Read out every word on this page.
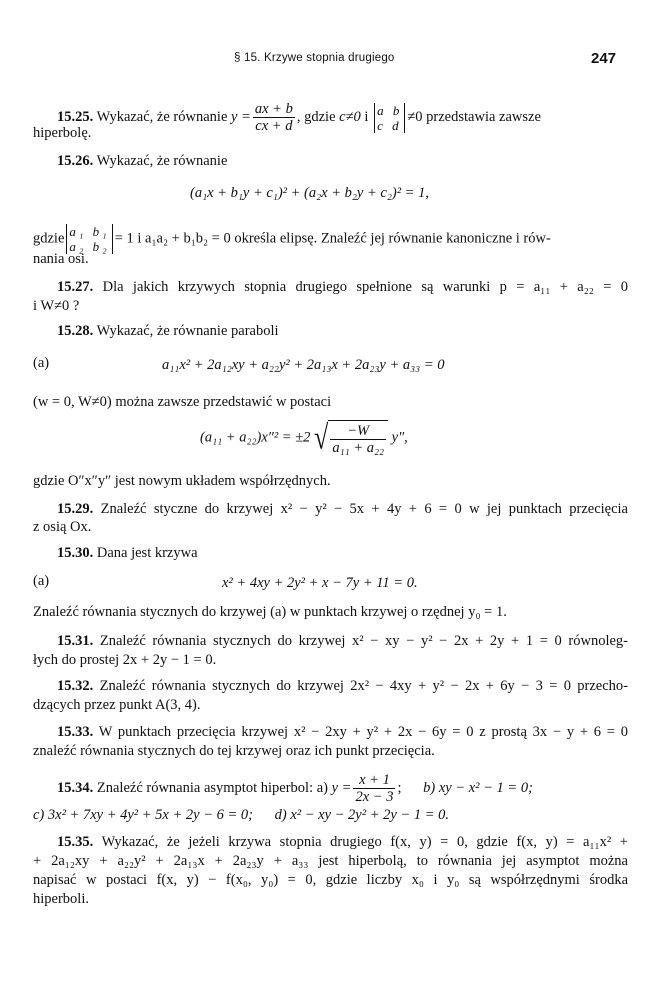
§ 15. Krzywe stopnia drugiego	247
15.25. Wykazać, że równanie $y = \frac{ax + b}{cx + d}$ , gdzie c≠0 i a b
c d
≠0 przedstawia zawsze
hiperbolę.
15.26. Wykazać, że równanie
(a₁x + b₁y + c₁)² + (a₂x + b₂y + c₂)² = 1,
gdzie a₁ b₁
a₂ b₂
= 1 i a₁a₂ + b₁b₂ = 0 określa elipsę. Znaleźć jej równanie kanoniczne i rów-
nania osi.
15.27. Dla jakich krzywych stopnia drugiego spełnione są warunki p = a₁₁ + a₂₂ = 0
i W≠0 ?
15.28. Wykazać, że równanie paraboli
(a)	a₁₁x² + 2a₁₂xy + a₂₂y² + 2a₁₃x + 2a₂₃y + a₃₃ = 0
(w = 0, W≠0) można zawsze przedstawić w postaci
(a₁₁ + a₂₂)x″² = ±2 √ $\frac{-W}{\text{a₁₁ + a₂₂}} y''$,
gdzie O″x″y″ jest nowym układem współrzędnych.
15.29. Znaleźć styczne do krzywej x² − y² − 5x + 4y + 6 = 0 w jej punktach przecięcia
z osią Ox.
15.30. Dana jest krzywa
(a)	x² + 4xy + 2y² + x − 7y + 11 = 0.
Znaleźć równania stycznych do krzywej (a) w punktach krzywej o rzędnej y₀ = 1.
15.31. Znaleźć równania stycznych do krzywej x² − xy − y² − 2x + 2y + 1 = 0 równoleg-
łych do prostej 2x + 2y − 1 = 0.
15.32. Znaleźć równania stycznych do krzywej 2x² − 4xy + y² − 2x + 6y − 3 = 0 przecho-
dzących przez punkt A(3, 4).
15.33. W punktach przecięcia krzywej x² − 2xy + y² + 2x − 6y = 0 z prostą 3x − y + 6 = 0
znaleźć równania stycznych do tej krzywej oraz ich punkt przecięcia.
15.34. Znaleźć równania asymptot hiperbol: a) $y = \frac{x + 1}{2x - 3}$ ; b) xy − x² − 1 = 0;
c) 3x² + 7xy + 4y² + 5x + 2y − 6 = 0; d) x² − xy − 2y² + 2y − 1 = 0.
15.35. Wykazać, że jeżeli krzywa stopnia drugiego f(x, y) = 0, gdzie f(x, y) = a₁₁x² +
+ 2a₁₂xy + a₂₂y² + 2a₁₃x + 2a₂₃y + a₃₃ jest hiperbolą, to równania jej asymptot można
napisać w postaci f(x, y) − f(x₀, y₀) = 0, gdzie liczby x₀ i y₀ są współrzędnymi środka
hiperboli.
